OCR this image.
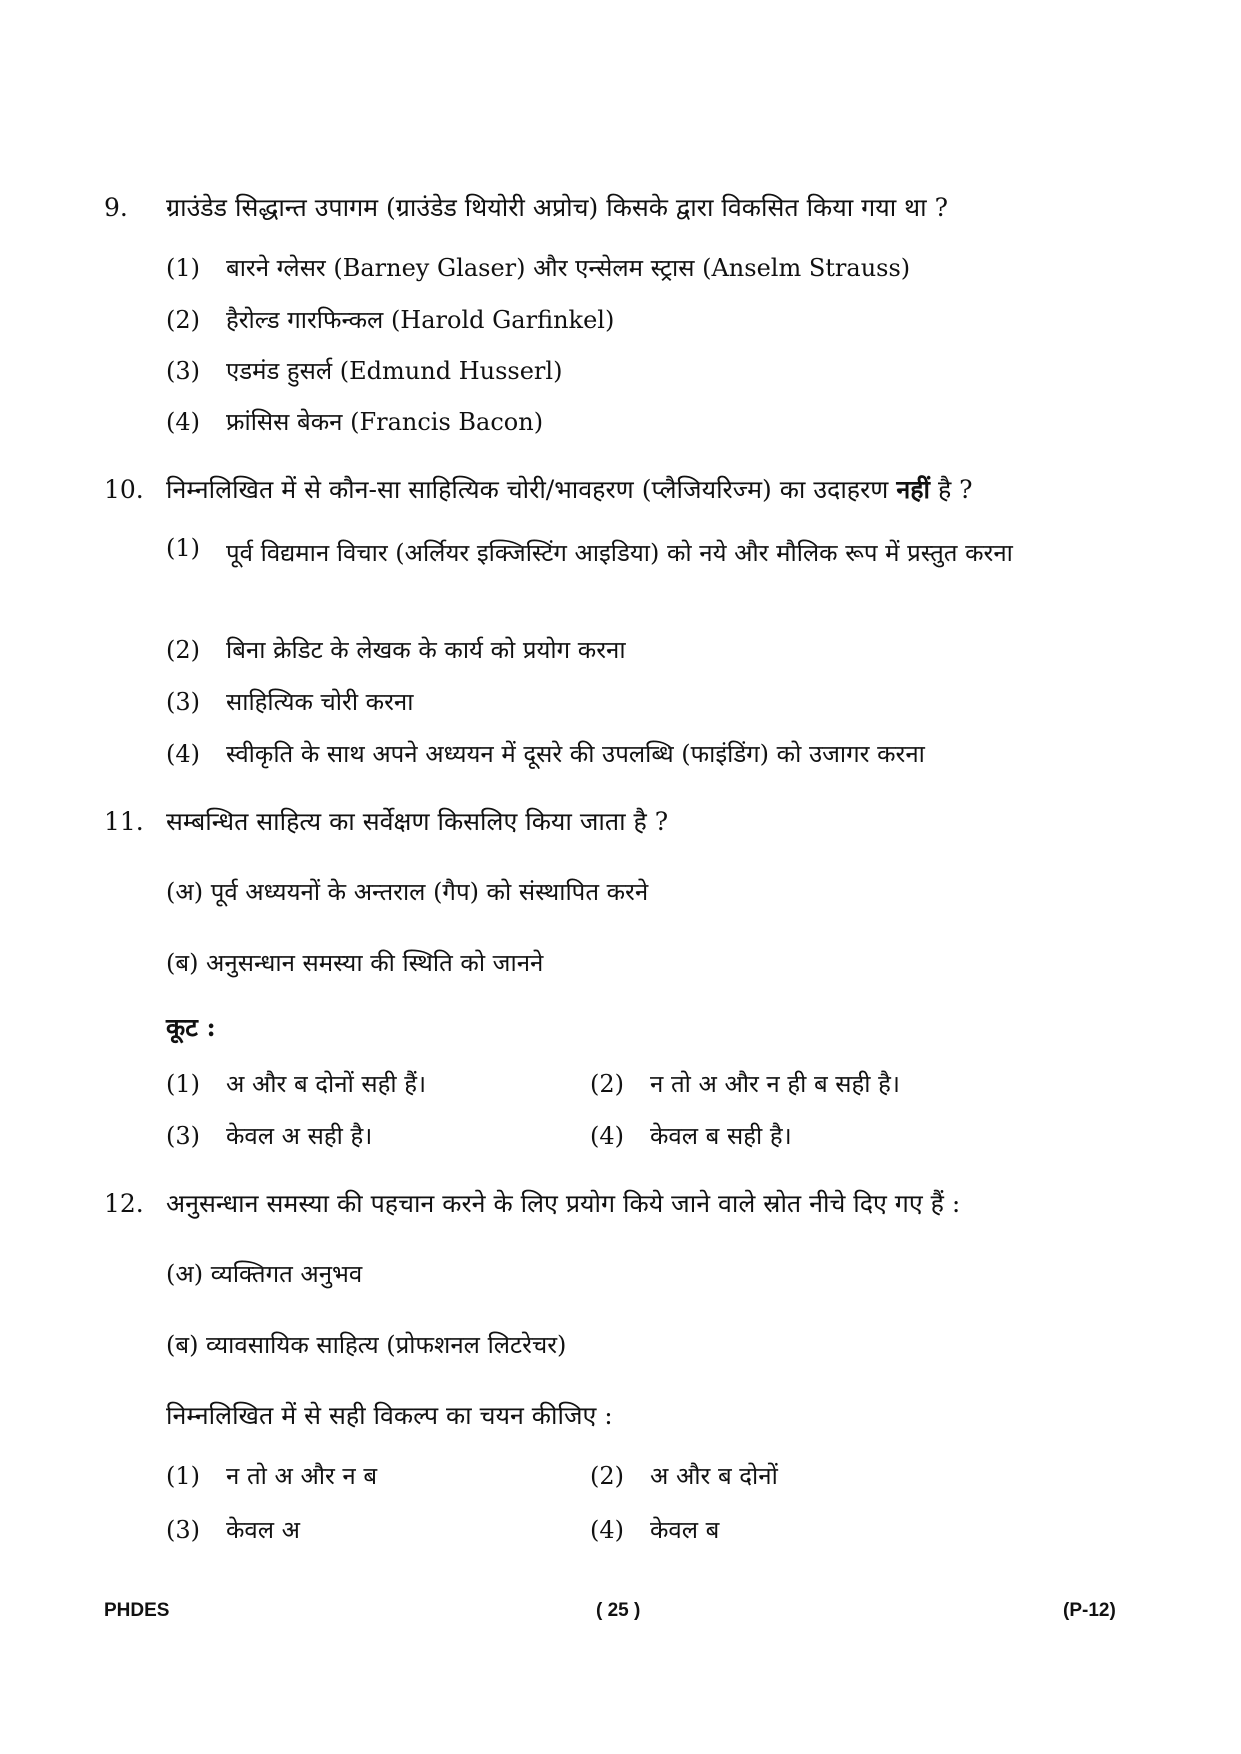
9. ग्राउंडेड सिद्धान्त उपागम (ग्राउंडेड थियोरी अप्रोच) किसके द्वारा विकसित किया गया था ?
(1) बारने ग्लेसर (Barney Glaser) और एन्सेलम स्ट्रास (Anselm Strauss)
(2) हैरोल्ड गारफिन्कल (Harold Garfinkel)
(3) एडमंड हुसर्ल (Edmund Husserl)
(4) फ्रांसिस बेकन (Francis Bacon)
10. निम्नलिखित में से कौन-सा साहित्यिक चोरी/भावहरण (प्लैजियरिज्म) का उदाहरण नहीं है ?
(1) पूर्व विद्यमान विचार (अर्लियर इक्जिस्टिंग आइडिया) को नये और मौलिक रूप में प्रस्तुत करना
(2) बिना क्रेडिट के लेखक के कार्य को प्रयोग करना
(3) साहित्यिक चोरी करना
(4) स्वीकृति के साथ अपने अध्ययन में दूसरे की उपलब्धि (फाइंडिंग) को उजागर करना
11. सम्बन्धित साहित्य का सर्वेक्षण किसलिए किया जाता है ?
(अ) पूर्व अध्ययनों के अन्तराल (गैप) को संस्थापित करने
(ब) अनुसन्धान समस्या की स्थिति को जानने
कूट :
(1) अ और ब दोनों सही हैं।	(2) न तो अ और न ही ब सही है।
(3) केवल अ सही है।	(4) केवल ब सही है।
12. अनुसन्धान समस्या की पहचान करने के लिए प्रयोग किये जाने वाले स्रोत नीचे दिए गए हैं :
(अ) व्यक्तिगत अनुभव
(ब) व्यावसायिक साहित्य (प्रोफशनल लिटरेचर)
निम्नलिखित में से सही विकल्प का चयन कीजिए :
(1) न तो अ और न ब	(2) अ और ब दोनों
(3) केवल अ	(4) केवल ब
PHDES	( 25 )	(P-12)
